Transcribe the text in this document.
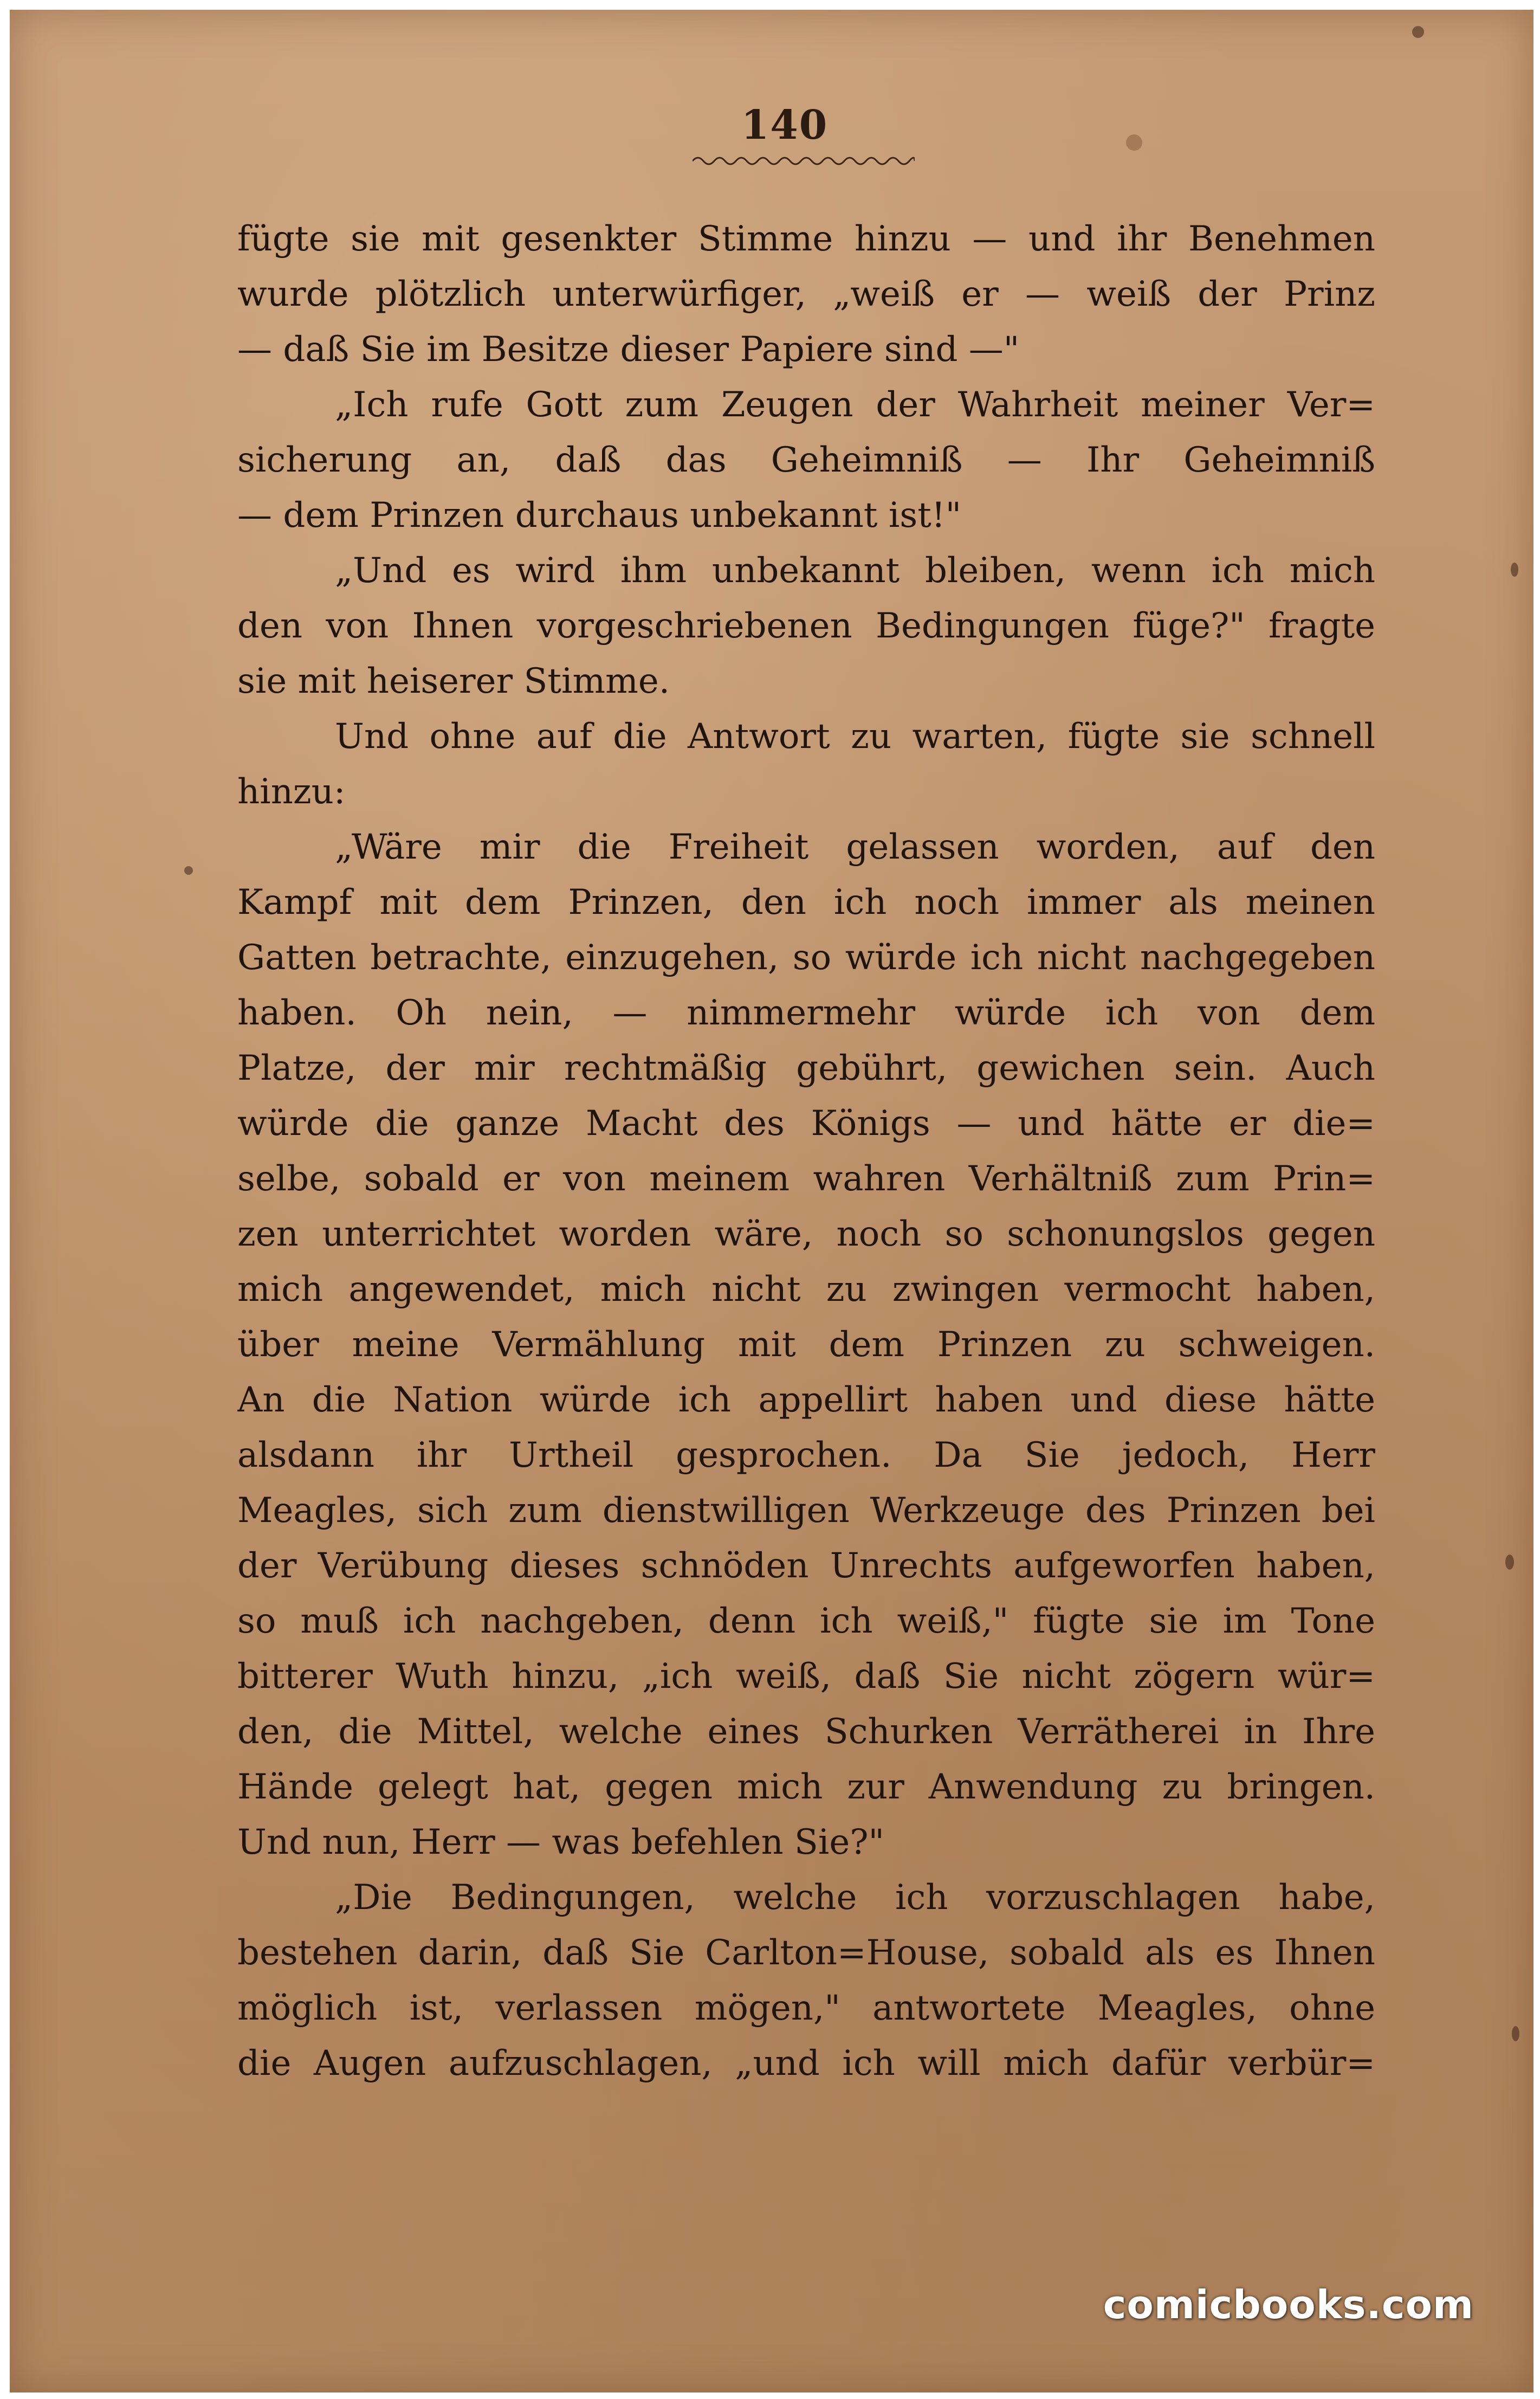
140
fügte sie mit gesenkter Stimme hinzu — und ihr Benehmen
wurde plötzlich unterwürfiger, „weiß er — weiß der Prinz
— daß Sie im Besitze dieser Papiere sind —"
„Ich rufe Gott zum Zeugen der Wahrheit meiner Ver=
sicherung an, daß das Geheimniß — Ihr Geheimniß
— dem Prinzen durchaus unbekannt ist!"
„Und es wird ihm unbekannt bleiben, wenn ich mich
den von Ihnen vorgeschriebenen Bedingungen füge?" fragte
sie mit heiserer Stimme.
Und ohne auf die Antwort zu warten, fügte sie schnell
hinzu:
„Wäre mir die Freiheit gelassen worden, auf den
Kampf mit dem Prinzen, den ich noch immer als meinen
Gatten betrachte, einzugehen, so würde ich nicht nachgegeben
haben. Oh nein, — nimmermehr würde ich von dem
Platze, der mir rechtmäßig gebührt, gewichen sein. Auch
würde die ganze Macht des Königs — und hätte er die=
selbe, sobald er von meinem wahren Verhältniß zum Prin=
zen unterrichtet worden wäre, noch so schonungslos gegen
mich angewendet, mich nicht zu zwingen vermocht haben,
über meine Vermählung mit dem Prinzen zu schweigen.
An die Nation würde ich appellirt haben und diese hätte
alsdann ihr Urtheil gesprochen. Da Sie jedoch, Herr
Meagles, sich zum dienstwilligen Werkzeuge des Prinzen bei
der Verübung dieses schnöden Unrechts aufgeworfen haben,
so muß ich nachgeben, denn ich weiß," fügte sie im Tone
bitterer Wuth hinzu, „ich weiß, daß Sie nicht zögern wür=
den, die Mittel, welche eines Schurken Verrätherei in Ihre
Hände gelegt hat, gegen mich zur Anwendung zu bringen.
Und nun, Herr — was befehlen Sie?"
„Die Bedingungen, welche ich vorzuschlagen habe,
bestehen darin, daß Sie Carlton=House, sobald als es Ihnen
möglich ist, verlassen mögen," antwortete Meagles, ohne
die Augen aufzuschlagen, „und ich will mich dafür verbür=
comicbooks.com
